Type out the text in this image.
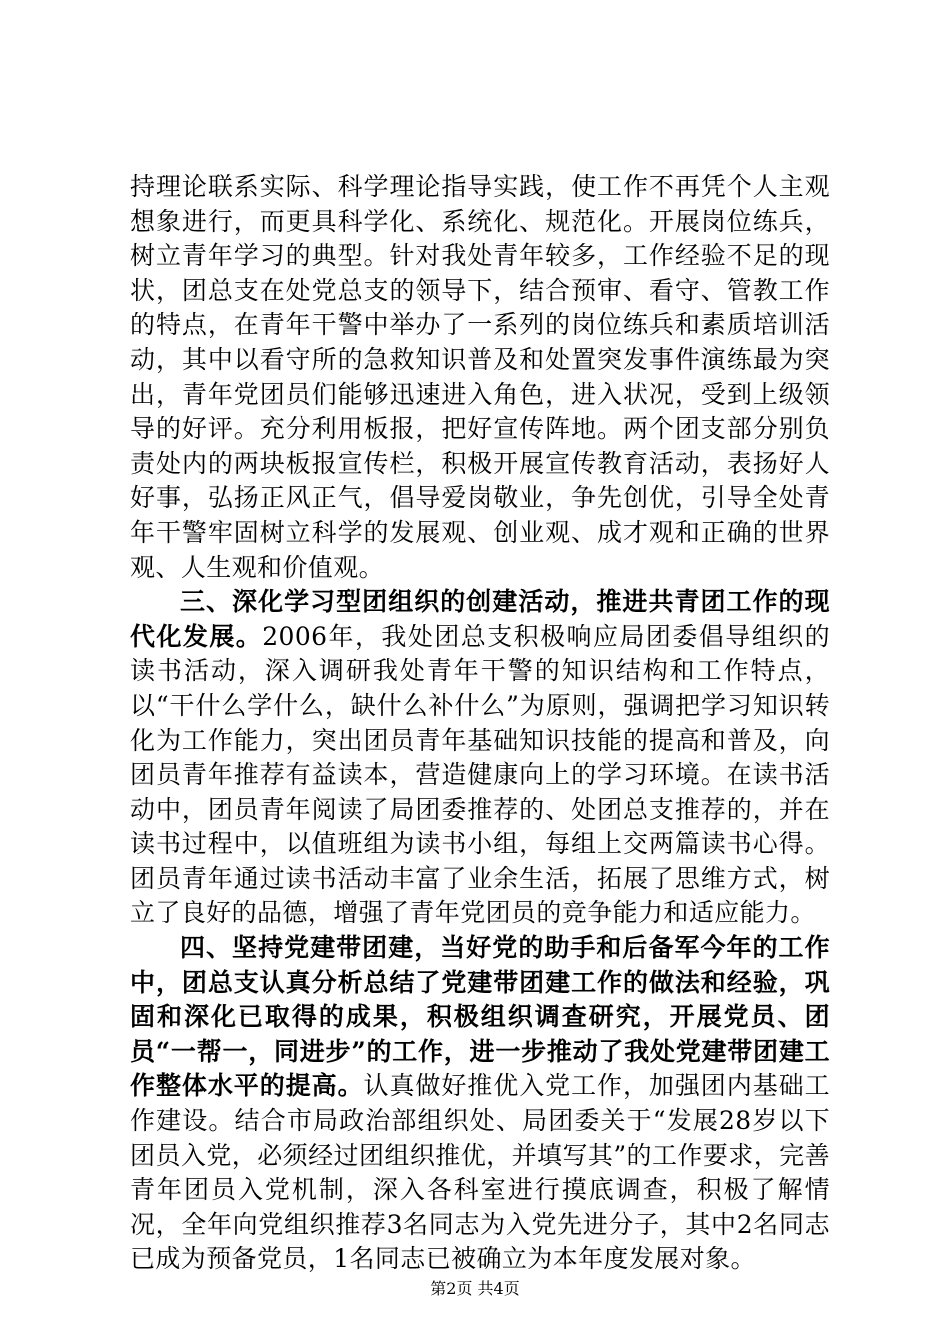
持理论联系实际、科学理论指导实践，使工作不再凭个人主观想象进行，而更具科学化、系统化、规范化。开展岗位练兵，树立青年学习的典型。针对我处青年较多，工作经验不足的现状，团总支在处党总支的领导下，结合预审、看守、管教工作的特点，在青年干警中举办了一系列的岗位练兵和素质培训活动，其中以看守所的急救知识普及和处置突发事件演练最为突出，青年党团员们能够迅速进入角色，进入状况，受到上级领导的好评。充分利用板报，把好宣传阵地。两个团支部分别负责处内的两块板报宣传栏，积极开展宣传教育活动，表扬好人好事，弘扬正风正气，倡导爱岗敬业，争先创优，引导全处青年干警牢固树立科学的发展观、创业观、成才观和正确的世界观、人生观和价值观。

三、深化学习型团组织的创建活动，推进共青团工作的现代化发展。2006年，我处团总支积极响应局团委倡导组织的读书活动，深入调研我处青年干警的知识结构和工作特点，以“干什么学什么，缺什么补什么”为原则，强调把学习知识转化为工作能力，突出团员青年基础知识技能的提高和普及，向团员青年推荐有益读本，营造健康向上的学习环境。在读书活动中，团员青年阅读了局团委推荐的、处团总支推荐的，并在读书过程中，以值班组为读书小组，每组上交两篇读书心得。团员青年通过读书活动丰富了业余生活，拓展了思维方式，树立了良好的品德，增强了青年党团员的竞争能力和适应能力。

四、坚持党建带团建，当好党的助手和后备军今年的工作中，团总支认真分析总结了党建带团建工作的做法和经验，巩固和深化已取得的成果，积极组织调查研究，开展党员、团员“一帮一，同进步”的工作，进一步推动了我处党建带团建工作整体水平的提高。认真做好推优入党工作，加强团内基础工作建设。结合市局政治部组织处、局团委关于“发展28岁以下团员入党，必须经过团组织推优，并填写其”的工作要求，完善青年团员入党机制，深入各科室进行摸底调查，积极了解情况，全年向党组织推荐3名同志为入党先进分子，其中2名同志已成为预备党员，1名同志已被确立为本年度发展对象。

第2页 共4页
